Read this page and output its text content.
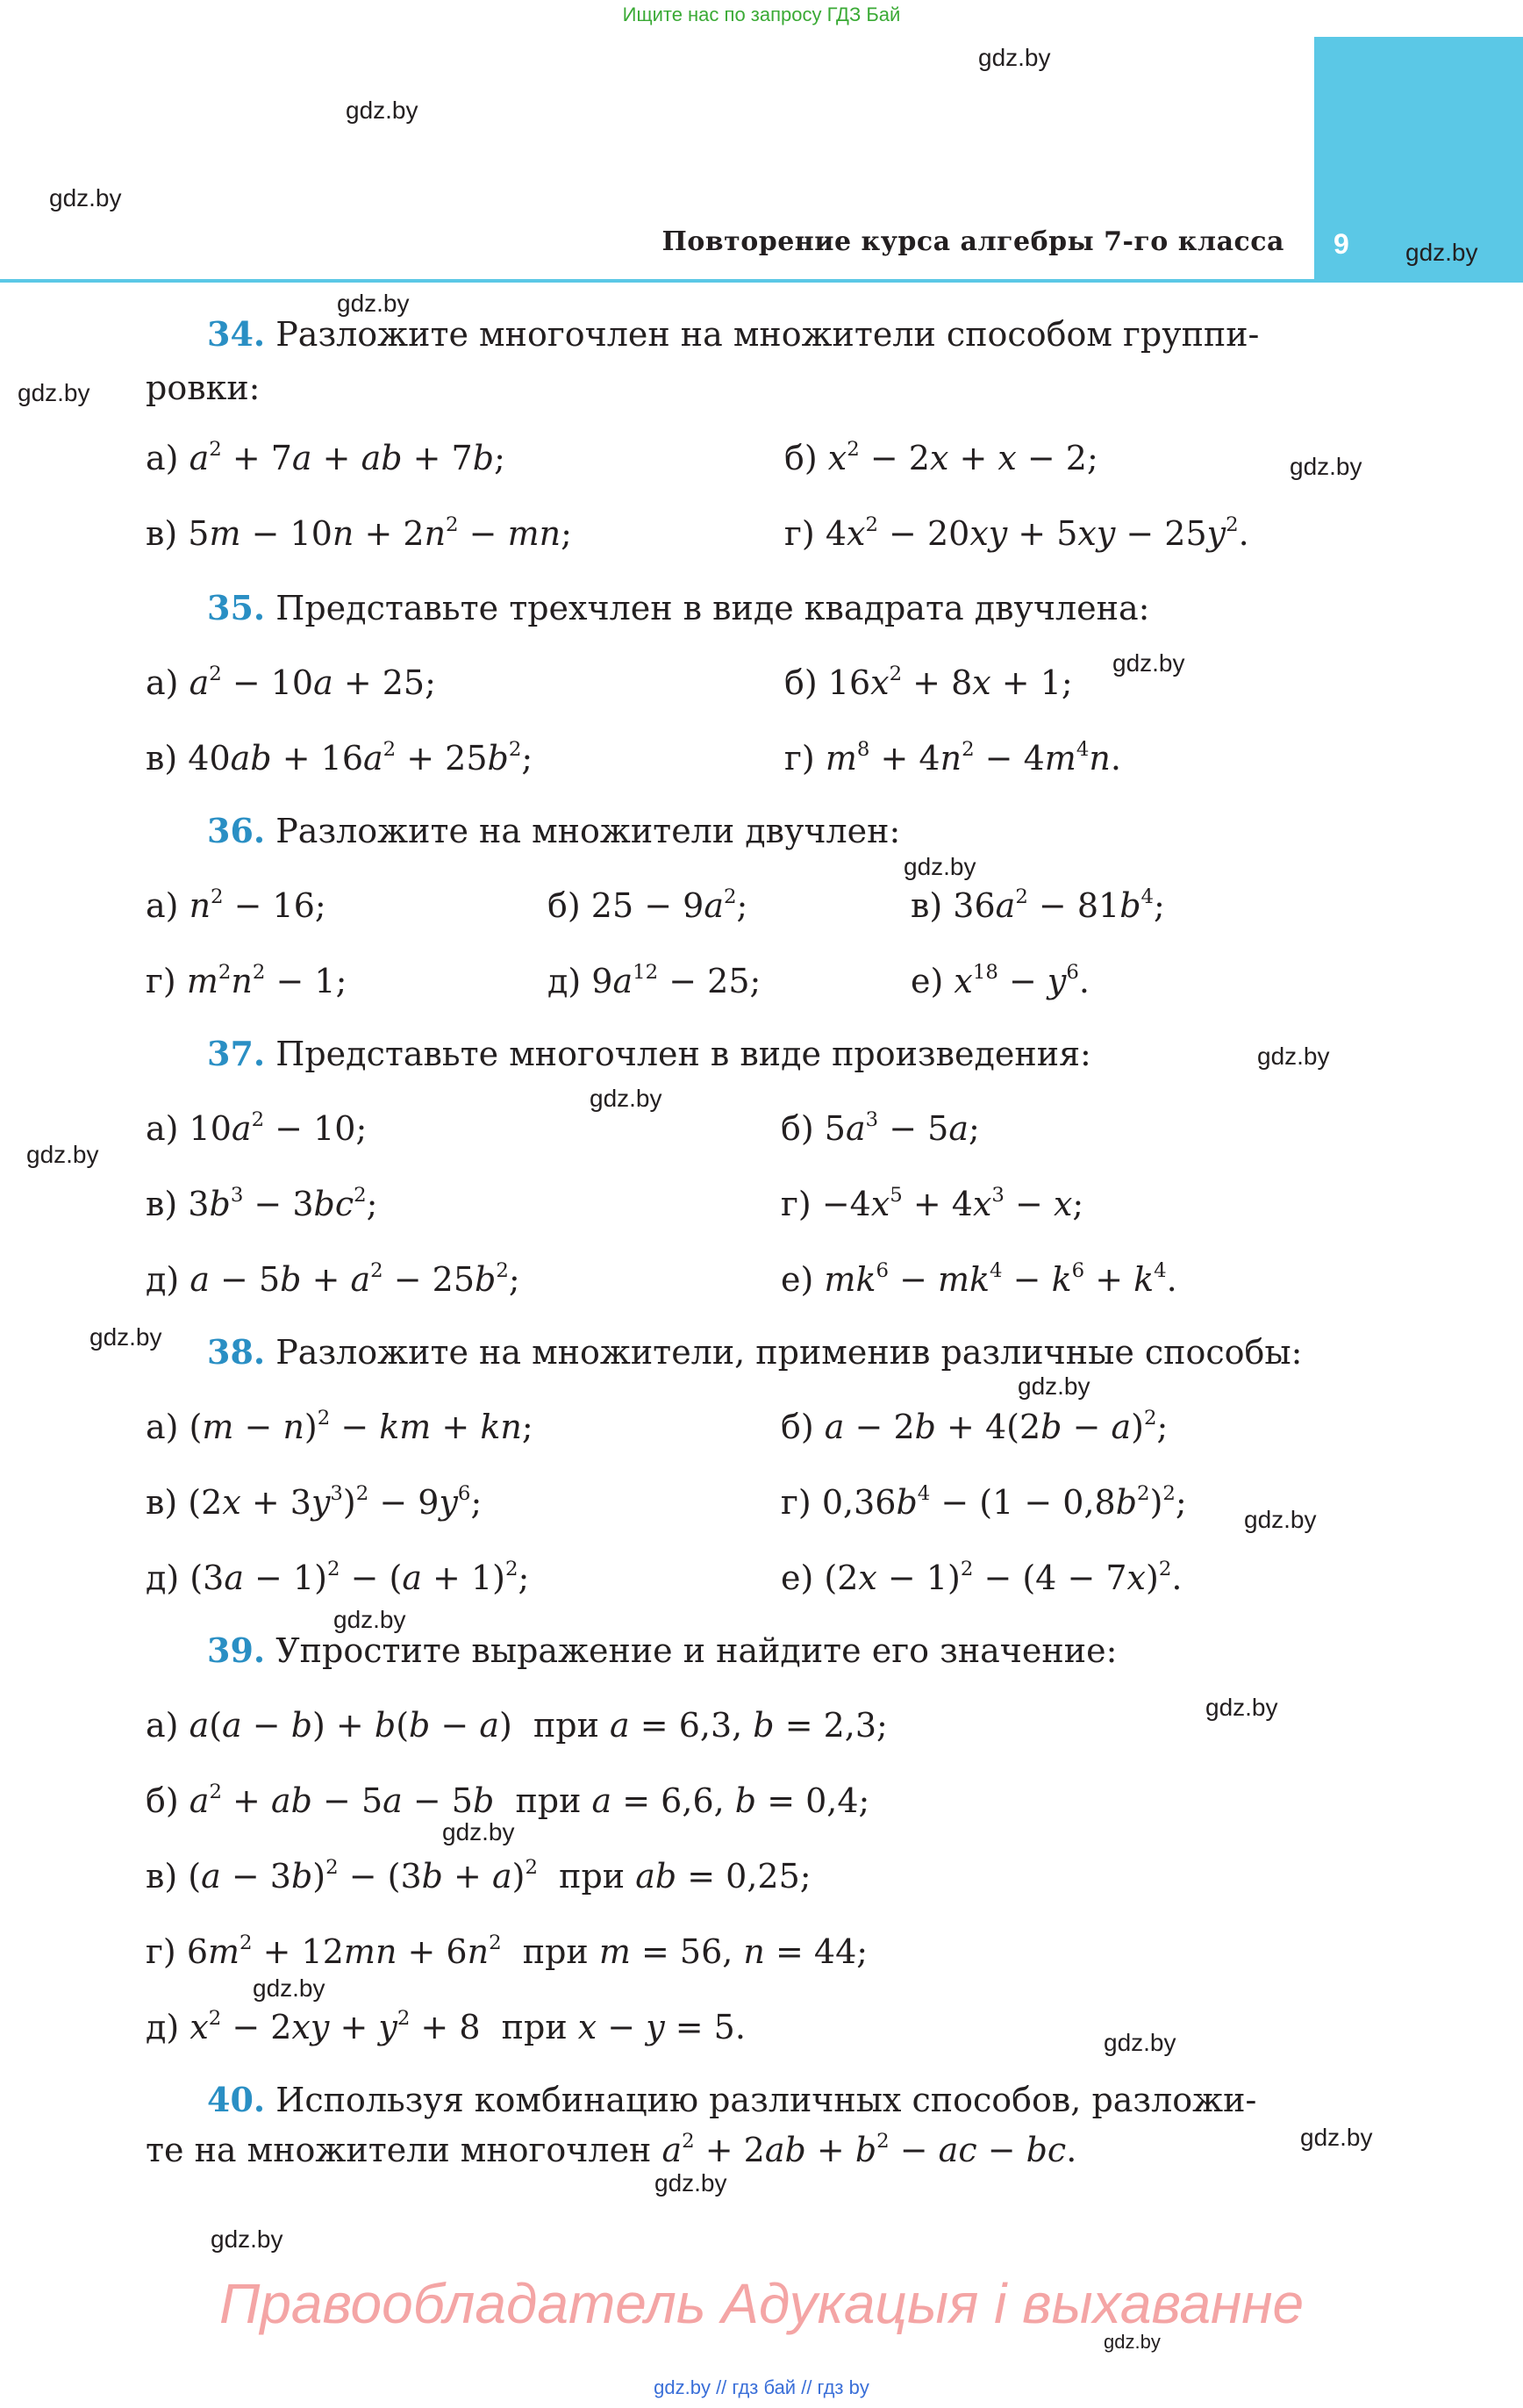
Ищите нас по запросу ГДЗ Бай
9
Повторение курса алгебры 7-го класса
gdz.by
gdz.by
gdz.by
gdz.by
gdz.by
gdz.by
gdz.by
gdz.by
gdz.by
gdz.by
gdz.by
gdz.by
gdz.by
gdz.by
gdz.by
gdz.by
gdz.by
gdz.by
gdz.by
gdz.by
gdz.by
gdz.by
gdz.by
gdz.by
34. Разложите многочлен на множители способом группи-
ровки:
а) $a^2 + 7a$ + ab + 7b;	б) $x^2 - 2x + x - 2$;
в) $5m - 10n + 2n^2$ − mn;	г) $4x^2 - 20xy + 5xy - 25y^2$.
35. Представьте трехчлен в виде квадрата двучлена:
а) $a^2 - 10a + 25$;	б) $16x^2 + 8x + 1$;
в) $40ab + 16a^2 + 25b^2$;	г) $m^8 + 4n^2 - 4m^4n$.
36. Разложите на множители двучлен:
а) $n^2 - 16$;	б) $25 - 9a^2$;	в) $36a^2 - 81b^4$;
г) $m^2n^2 - 1$;	д) $9a^{12} - 25$;	е) $x^{18} - y^6$.
37. Представьте многочлен в виде произведения:
а) $10a^2 - 10$;	б) $5a^3 - 5a$;
в) $3b^3 - 3bc^2$;	$г) -4x^5 + 4x^3 - x$;
д) $a - 5b + a^2 - 25b^2$;	е) $mk^6 - mk^4 - k^6 + k^4$.
38. Разложите на множители, применив различные способы:
а) $(m - n)^2$ − km + kn;	б) $a - 2b + 4(2b - a)^2$;
в) $(2x + 3y^3)^2 - 9y^6$;	г) $0,36b^4 - (1 - 0,8b^2)^2$;
д) $(3a - 1)^2 - (a + 1)^2$;	е) $(2x - 1)^2 - (4 - 7x)^2$.
39. Упростите выражение и найдите его значение:
а) a(a − b) + b(b − a)  при a = 6,3, b = 2,3;
б) $a^2$ + ab − 5a − 5b  при a = 6,6, b = 0,4;
в) $(a - 3b)^2 - (3b + a)^2$  при ab = 0,25;
г) $6m^2 + 12mn + 6n^2$  при m = 56, n = 44;
д) $x^2 - 2xy + y^2 + 8$  при x − y = 5.
40. Используя комбинацию различных способов, разложи-
те на множители многочлен $a^2 + 2ab + b^2$ − ac − bc.
Правообладатель Адукацыя і выхаванне
gdz.by // гдз бай // гдз by
